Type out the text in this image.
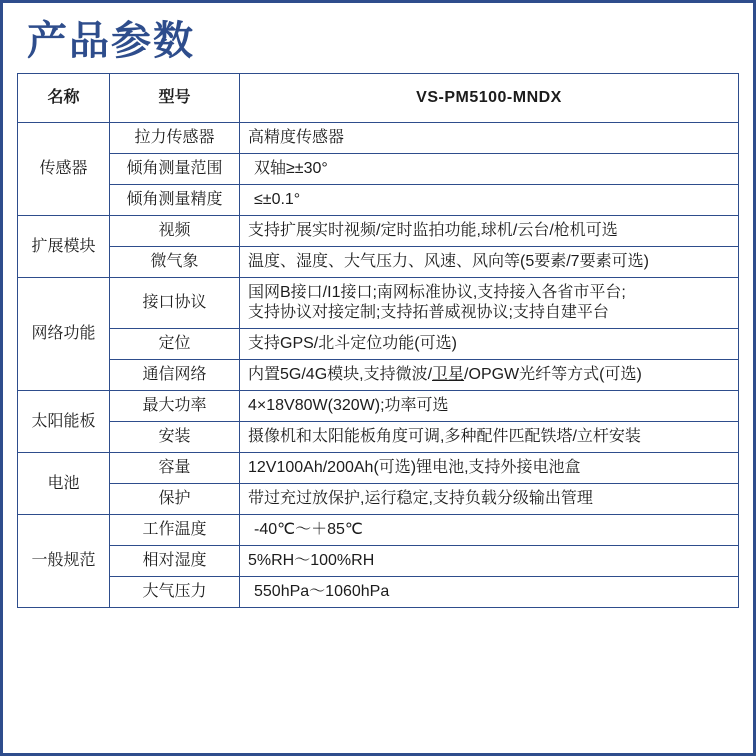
产品参数
名称	型号	VS-PM5100-MNDX
传感器	拉力传感器	高精度传感器
	倾角测量范围	双轴≥±30°
	倾角测量精度	≤±0.1°
扩展模块	视频	支持扩展实时视频/定时监拍功能,球机/云台/枪机可选
	微气象	温度、湿度、大气压力、风速、风向等(5要素/7要素可选)
网络功能	接口协议	国网B接口/I1接口;南网标准协议,支持接入各省市平台;
支持协议对接定制;支持拓普威视协议;支持自建平台

	定位	支持GPS/北斗定位功能(可选)
	通信网络	内置5G/4G模块,支持微波/卫星/OPGW光纤等方式(可选)
太阳能板	最大功率	4×18V80W(320W);功率可选
	安装	摄像机和太阳能板角度可调,多种配件匹配铁塔/立杆安装
电池	容量	12V100Ah/200Ah(可选)锂电池,支持外接电池盒
	保护	带过充过放保护,运行稳定,支持负载分级输出管理
一般规范	工作温度	-40℃～＋85℃
	相对湿度	5%RH～100%RH
	大气压力	550hPa～1060hPa
